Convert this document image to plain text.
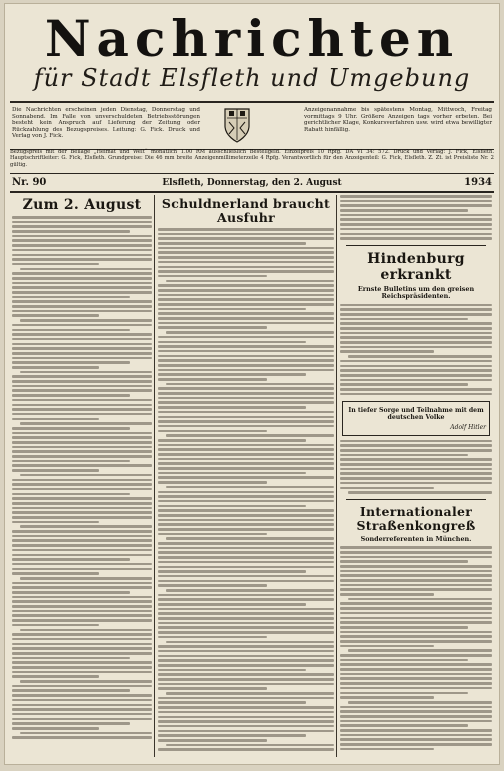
Nachrichten
für Stadt Elsfleth und Umgebung
Die Nachrichten erscheinen jeden Dienstag, Donnerstag und Sonnabend. Im Falle von unverschuldeten Betriebsstörungen besteht kein Anspruch auf Lieferung der Zeitung oder Rückzahlung des Bezugspreises. Leitung: G. Fick. Druck und Verlag von J. Fick.
Anzeigenannahme bis spätestens Montag, Mittwoch, Freitag vormittags 9 Uhr. Größere Anzeigen tags vorher erbeten. Bei gerichtlicher Klage, Konkursverfahren usw. wird etwa bewilligter Rabatt hinfällig.
Bezugspreis mit der Beilage „Heimat und Welt“ monatlich 1.00 RM ausschließlich Bestellgeld. Einzelpreis 10 Rpfg. DA VI 34: 572. Druck und Verlag: J. Fick, Elsfleth. Hauptschriftleiter: G. Fick, Elsfleth. Grundpreise: Die 46 mm breite Anzeigenmillimeterzeile 4 Rpfg. Verantwortlich für den Anzeigenteil: G. Fick, Elsfleth. Z. Zt. ist Preisliste Nr. 2 gültig.
Nr. 90	Elsfleth, Donnerstag, den 2. August	1934
Zum 2. August	Schuldnerland braucht Ausfuhr
Hindenburg erkrankt
Ernste Bulletins um den greisen Reichspräsidenten.
In tiefer Sorge und Teilnahme mit dem deutschen Volke
Adolf Hitler
Internationaler Straßenkongreß
Sonderreferenten in München.
